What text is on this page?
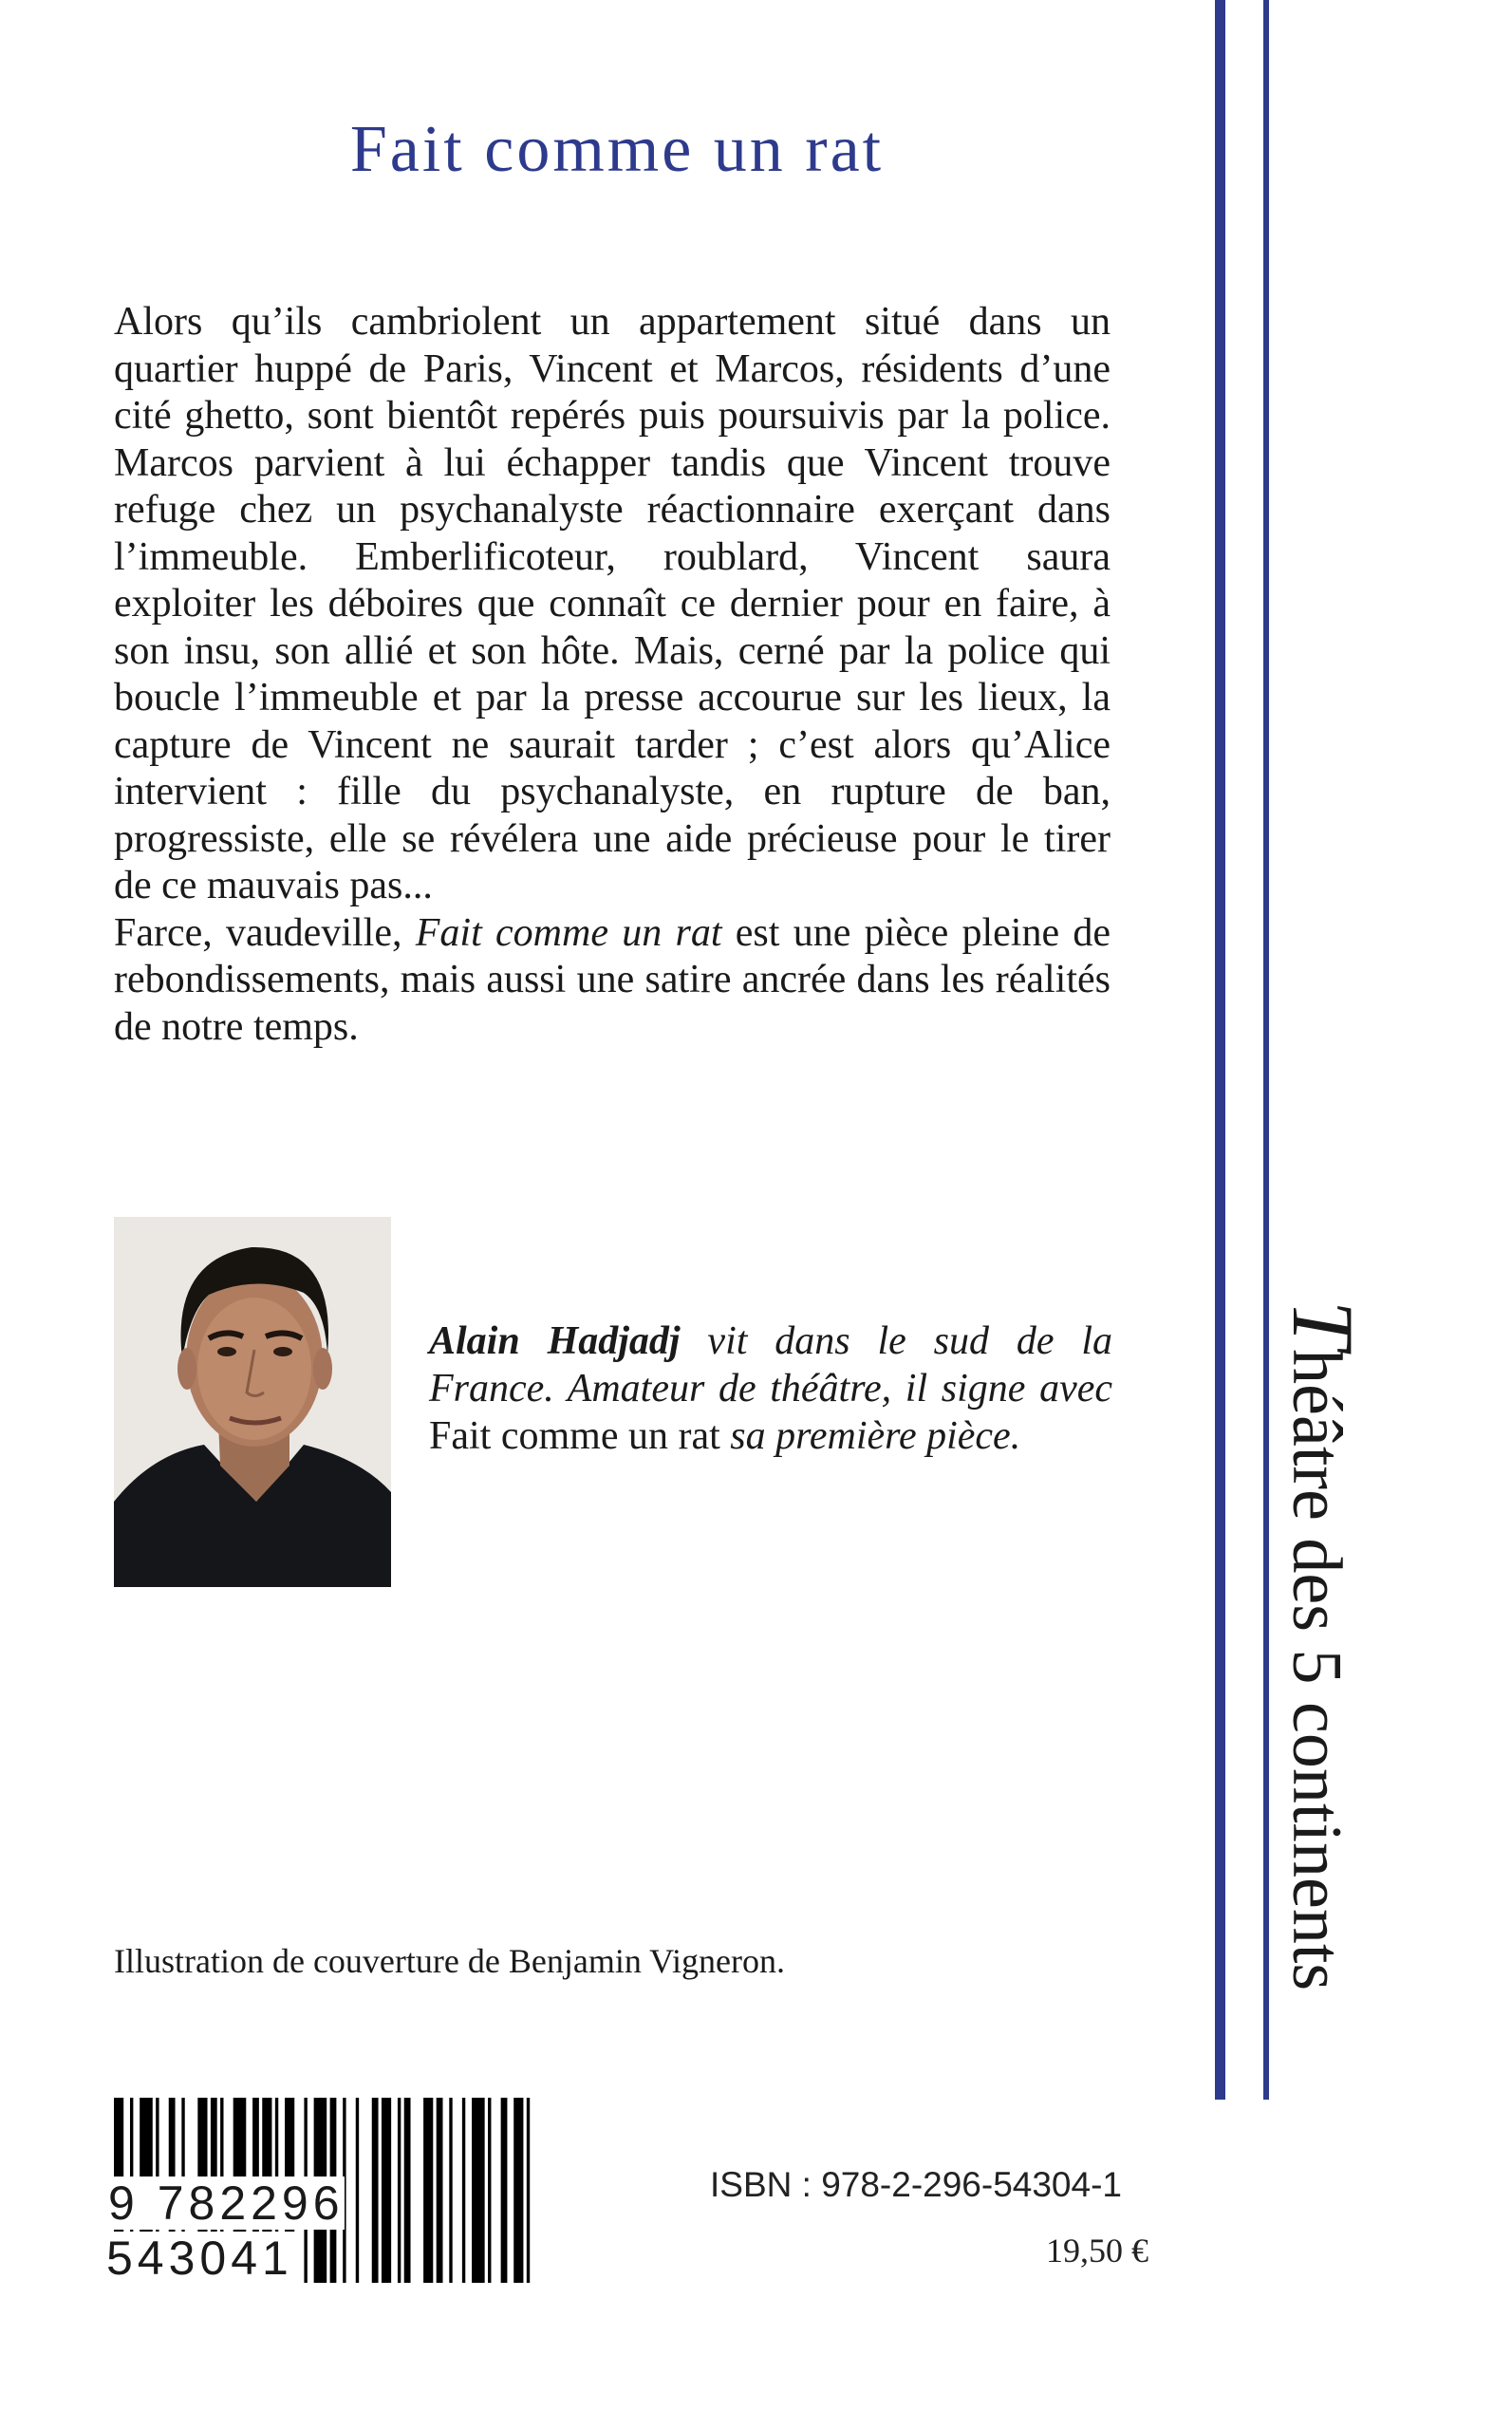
Fait comme un rat

Alors qu’ils cambriolent un appartement situé dans un quartier huppé de Paris, Vincent et Marcos, résidents d’une cité ghetto, sont bientôt repérés puis poursuivis par la police. Marcos parvient à lui échapper tandis que Vincent trouve refuge chez un psychanalyste réactionnaire exerçant dans l’immeuble. Emberlificoteur, roublard, Vincent saura exploiter les déboires que connaît ce dernier pour en faire, à son insu, son allié et son hôte. Mais, cerné par la police qui boucle l’immeuble et par la presse accourue sur les lieux, la capture de Vincent ne saurait tarder ; c’est alors qu’Alice intervient : fille du psychanalyste, en rupture de ban, progressiste, elle se révélera une aide précieuse pour le tirer de ce mauvais pas...

Farce, vaudeville, Fait comme un rat est une pièce pleine de rebondissements, mais aussi une satire ancrée dans les réalités de notre temps.

Alain Hadjadj vit dans le sud de la France. Amateur de théâtre, il signe avec Fait comme un rat sa première pièce.

Illustration de couverture de Benjamin Vigneron.

9 782296 543041
ISBN : 978-2-296-54304-1
19,50 €
Théâtre des 5 continents
